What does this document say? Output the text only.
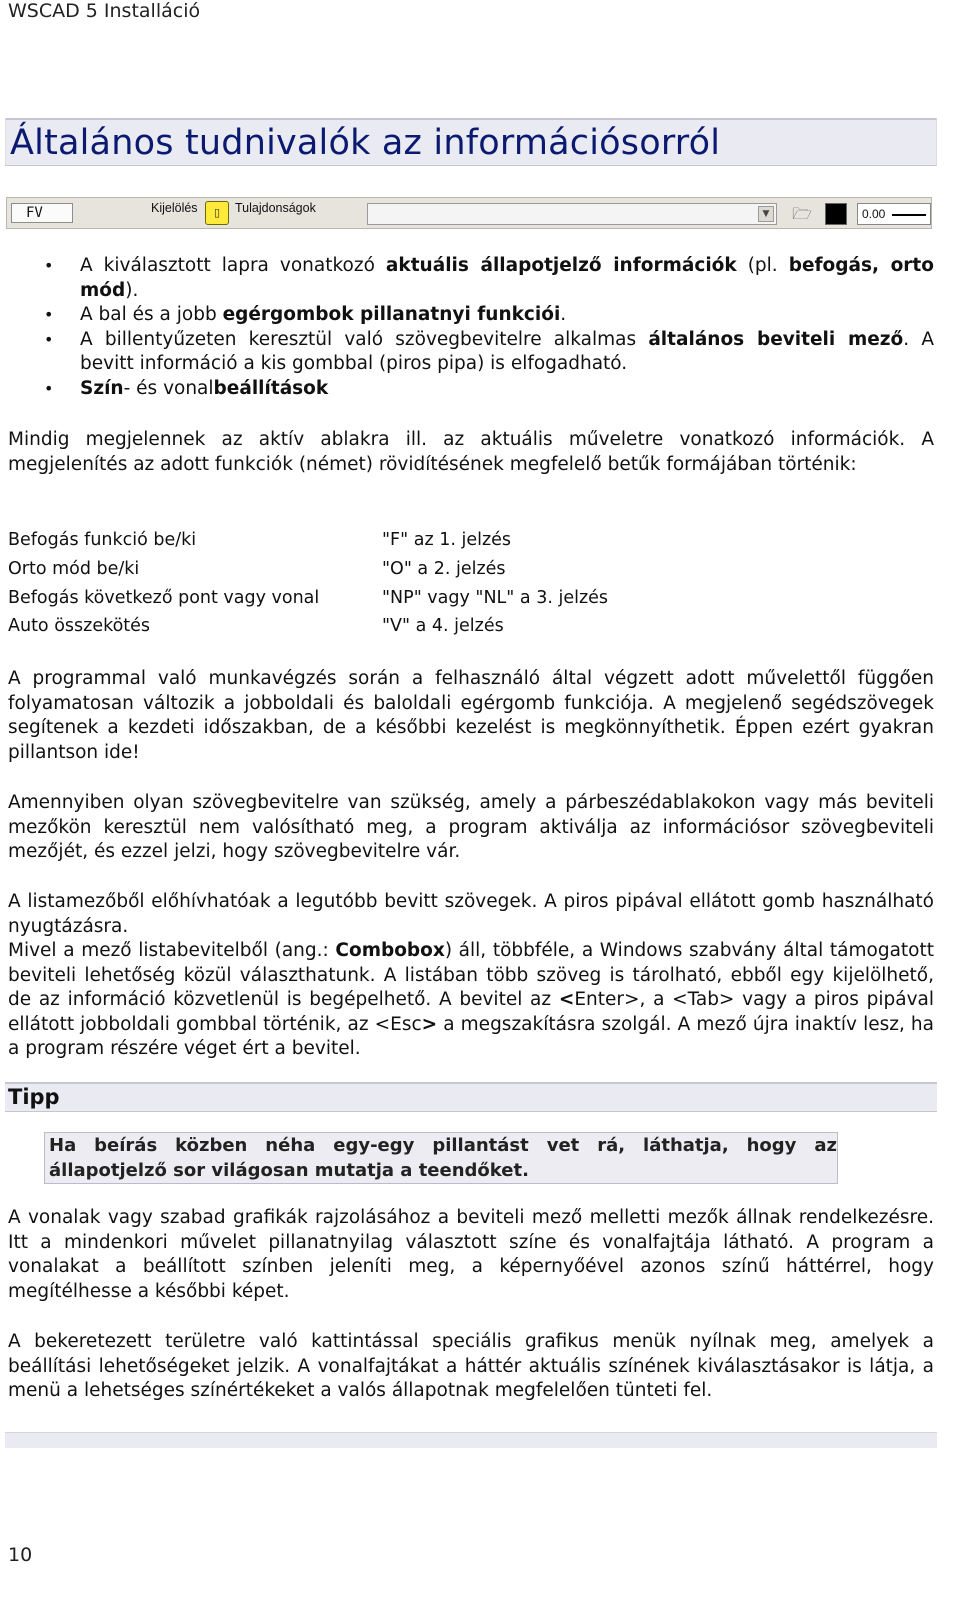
WSCAD 5 Installáció
Általános tudnivalók az információsorról
FV	Kijelölés	▯	Tulajdonságok	▼ 🗁	0.00
• A kiválasztott lapra vonatkozó aktuális állapotjelző információk (pl. befogás, orto mód).
• A bal és a jobb egérgombok pillanatnyi funkciói.
• A billentyűzeten keresztül való szövegbevitelre alkalmas általános beviteli mező. A bevitt információ a kis gombbal (piros pipa) is elfogadható.
• Szín- és vonalbeállítások

Mindig megjelennek az aktív ablakra ill. az aktuális műveletre vonatkozó információk. A megjelenítés az adott funkciók (német) rövidítésének megfelelő betűk formájában történik:

Befogás funkció be/ki	"F" az 1. jelzés
Orto mód be/ki	"O" a 2. jelzés
Befogás következő pont vagy vonal	"NP" vagy "NL" a 3. jelzés
Auto összekötés	"V" a 4. jelzés

A programmal való munkavégzés során a felhasználó által végzett adott művelettől függően folyamatosan változik a jobboldali és baloldali egérgomb funkciója. A megjelenő segédszövegek segítenek a kezdeti időszakban, de a későbbi kezelést is megkönnyíthetik. Éppen ezért gyakran pillantson ide!

Amennyiben olyan szövegbevitelre van szükség, amely a párbeszédablakokon vagy más beviteli mezőkön keresztül nem valósítható meg, a program aktiválja az információsor szövegbeviteli mezőjét, és ezzel jelzi, hogy szövegbevitelre vár.

A listamezőből előhívhatóak a legutóbb bevitt szövegek. A piros pipával ellátott gomb használható nyugtázásra.

Mivel a mező listabevitelből (ang.: Combobox) áll, többféle, a Windows szabvány által támogatott beviteli lehetőség közül választhatunk. A listában több szöveg is tárolható, ebből egy kijelölhető, de az információ közvetlenül is begépelhető. A bevitel az <Enter>, a <Tab> vagy a piros pipával ellátott jobboldali gombbal történik, az <Esc> a megszakításra szolgál. A mező újra inaktív lesz, ha a program részére véget ért a bevitel.

Tipp
Ha beírás közben néha egy-egy pillantást vet rá, láthatja, hogy az állapotjelző sor világosan mutatja a teendőket.

A vonalak vagy szabad grafikák rajzolásához a beviteli mező melletti mezők állnak rendelkezésre. Itt a mindenkori művelet pillanatnyilag választott színe és vonalfajtája látható. A program a vonalakat a beállított színben jeleníti meg, a képernyőével azonos színű háttérrel, hogy megítélhesse a későbbi képet.

A bekeretezett területre való kattintással speciális grafikus menük nyílnak meg, amelyek a beállítási lehetőségeket jelzik. A vonalfajtákat a háttér aktuális színének kiválasztásakor is látja, a menü a lehetséges színértékeket a valós állapotnak megfelelően tünteti fel.

10
